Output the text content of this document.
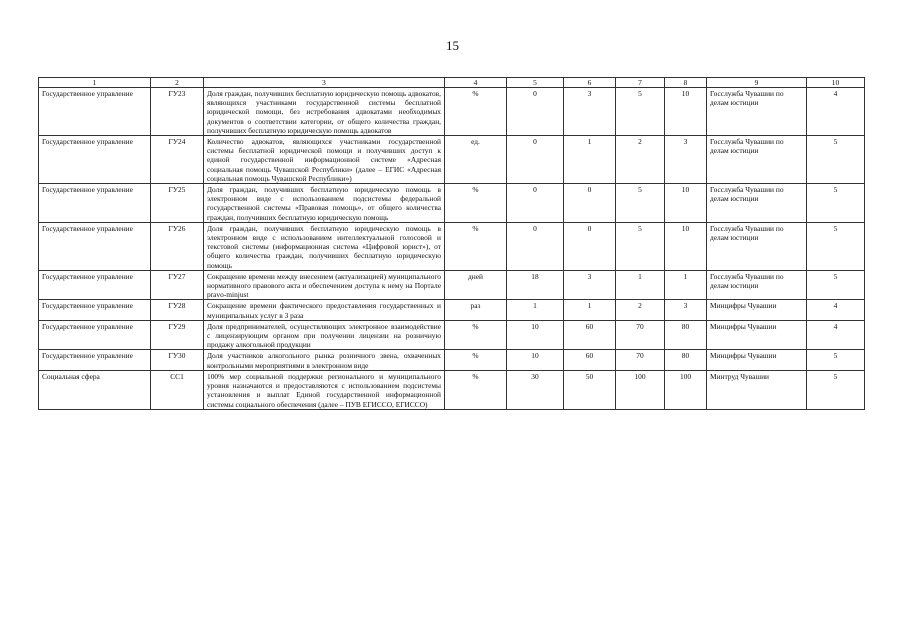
15
1	2	3	4	5	6	7	8	9	10
Государственное управление	ГУ23	Доля граждан, получивших бесплатную юридическую помощь адвокатов, являющихся участниками государственной системы бесплатной юридической помощи, без истребования адвокатами необходимых документов о соответствии категории, от общего количества граждан, получивших бесплатную юридическую помощь адвокатов	%	0	3	5	10	Госслужба Чувашии по делам юстиции	4
Государственное управление	ГУ24	Количество адвокатов, являющихся участниками государственной системы бесплатной юридической помощи и получивших доступ к единой государственной информационной системе «Адресная социальная помощь Чувашской Республики» (далее – ЕГИС «Адресная социальная помощь Чувашской Республики»)	ед.	0	1	2	3	Госслужба Чувашии по делам юстиции	5
Государственное управление	ГУ25	Доля граждан, получивших бесплатную юридическую помощь в электронном виде с использованием подсистемы федеральной государственной системы «Правовая помощь», от общего количества граждан, получивших бесплатную юридическую помощь	%	0	0	5	10	Госслужба Чувашии по делам юстиции	5
Государственное управление	ГУ26	Доля граждан, получивших бесплатную юридическую помощь в электронном виде с использованием интеллектуальной голосовой и текстовой системы (информационная система «Цифровой юрист»), от общего количества граждан, получивших бесплатную юридическую помощь	%	0	0	5	10	Госслужба Чувашии по делам юстиции	5
Государственное управление	ГУ27	Сокращение времени между внесением (актуализацией) муниципального нормативного правового акта и обеспечением доступа к нему на Портале pravo-minjust	дней	18	3	1	1	Госслужба Чувашии по делам юстиции	5
Государственное управление	ГУ28	Сокращение времени фактического предоставления государственных и муниципальных услуг в 3 раза	раз	1	1	2	3	Минцифры Чувашии	4
Государственное управление	ГУ29	Доля предпринимателей, осуществляющих электронное взаимодействие с лицензирующим органом при получении лицензии на розничную продажу алкогольной продукции	%	10	60	70	80	Минцифры Чувашии	4
Государственное управление	ГУ30	Доля участников алкогольного рынка розничного звена, охваченных контрольными мероприятиями в электронном виде	%	10	60	70	80	Минцифры Чувашии	5
Социальная сфера	СС1	100% мер социальной поддержки регионального и муниципального уровня назначаются и предоставляются с использованием подсистемы установления и выплат Единой государственной информационной системы социального обеспечения (далее – ПУВ ЕГИССО, ЕГИССО)	%	30	50	100	100	Минтруд Чувашии	5
